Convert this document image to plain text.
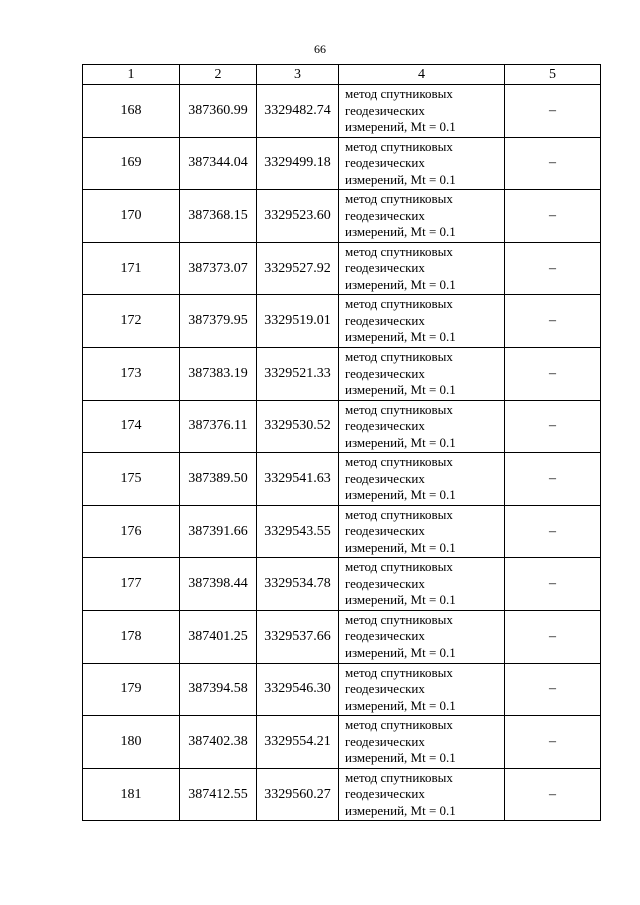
66
1	2	3	4	5
168	387360.99	3329482.74	метод спутниковых
геодезических
измерений, Mt = 0.1	–
169	387344.04	3329499.18	метод спутниковых
геодезических
измерений, Mt = 0.1	–
170	387368.15	3329523.60	метод спутниковых
геодезических
измерений, Mt = 0.1	–
171	387373.07	3329527.92	метод спутниковых
геодезических
измерений, Mt = 0.1	–
172	387379.95	3329519.01	метод спутниковых
геодезических
измерений, Mt = 0.1	–
173	387383.19	3329521.33	метод спутниковых
геодезических
измерений, Mt = 0.1	–
174	387376.11	3329530.52	метод спутниковых
геодезических
измерений, Mt = 0.1	–
175	387389.50	3329541.63	метод спутниковых
геодезических
измерений, Mt = 0.1	–
176	387391.66	3329543.55	метод спутниковых
геодезических
измерений, Mt = 0.1	–
177	387398.44	3329534.78	метод спутниковых
геодезических
измерений, Mt = 0.1	–
178	387401.25	3329537.66	метод спутниковых
геодезических
измерений, Mt = 0.1	–
179	387394.58	3329546.30	метод спутниковых
геодезических
измерений, Mt = 0.1	–
180	387402.38	3329554.21	метод спутниковых
геодезических
измерений, Mt = 0.1	–
181	387412.55	3329560.27	метод спутниковых
геодезических
измерений, Mt = 0.1	–
